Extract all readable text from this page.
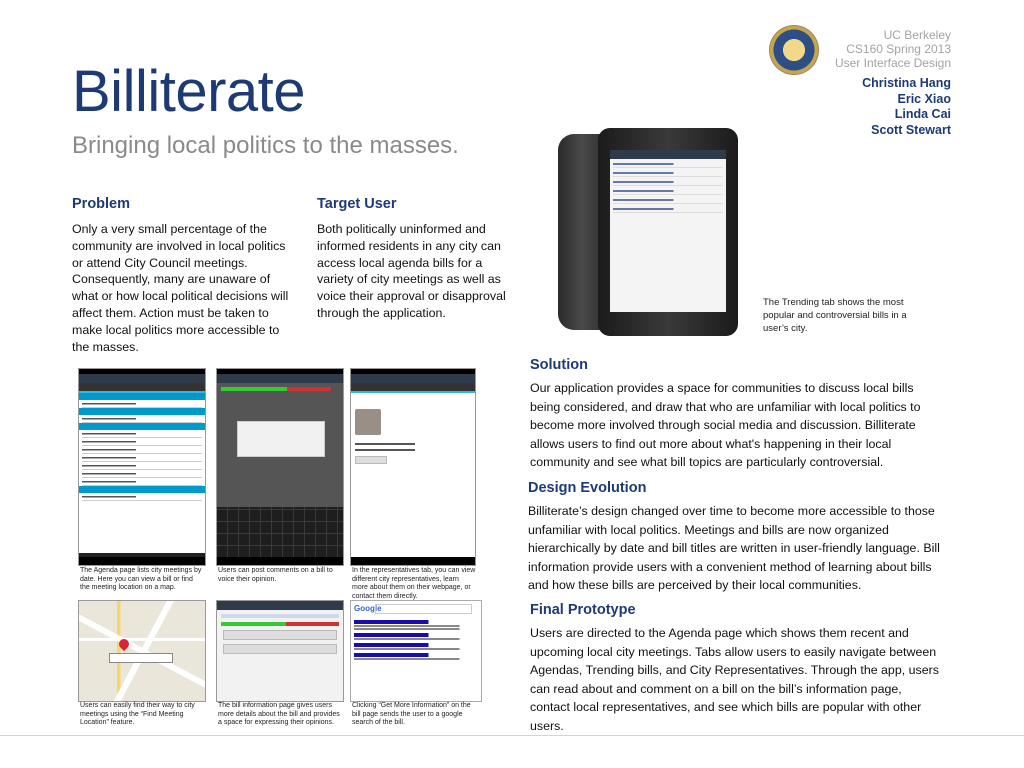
Billiterate
Bringing local politics to the masses.
UC Berkeley
CS160 Spring 2013
User Interface Design
Christina Hang
Eric Xiao
Linda Cai
Scott Stewart
Problem
Only a very small percentage of the community are involved in local politics or attend City Council meetings. Consequently, many are unaware of what or how local political decisions will affect them. Action must be taken to make local politics more accessible to the masses.
Target User
Both politically uninformed and informed residents in any city can access local agenda bills for a variety of city meetings as well as voice their approval or disapproval through the application.
The Trending tab shows the most popular and controversial bills in a user’s city.
Solution
Our application provides a space for communities to discuss local bills being considered, and draw that who are unfamiliar with local politics to become more involved through social media and discussion. Billiterate allows users to find out more about what's happening in their local community and see what bill topics are particularly controversial.
Design Evolution
Billiterate’s design changed over time to become more accessible to those unfamiliar with local politics. Meetings and bills are now organized hierarchically by date and bill titles are written in user-friendly language. Bill information provide users with a convenient method of learning about bills and how these bills are perceived by their local communities.
Final Prototype
Users are directed to the Agenda page which shows them recent and upcoming local city meetings. Tabs allow users to easily navigate between Agendas, Trending bills, and City Representatives. Through the app, users can read about and comment on a bill on the bill’s information page, contact local representatives, and see which bills are popular with other users.
The Agenda page lists city meetings by date. Here you can view a bill or find the meeting location on a map.
Users can post comments on a bill to voice their opinion.
In the representatives tab, you can view different city representatives, learn more about them on their webpage, or contact them directly.
Users can easily find their way to city meetings using the “Find Meeting Location” feature.
The bill information page gives users more details about the bill and provides a space for expressing their opinions.
Google
Clicking “Get More Information” on the bill page sends the user to a google search of the bill.
